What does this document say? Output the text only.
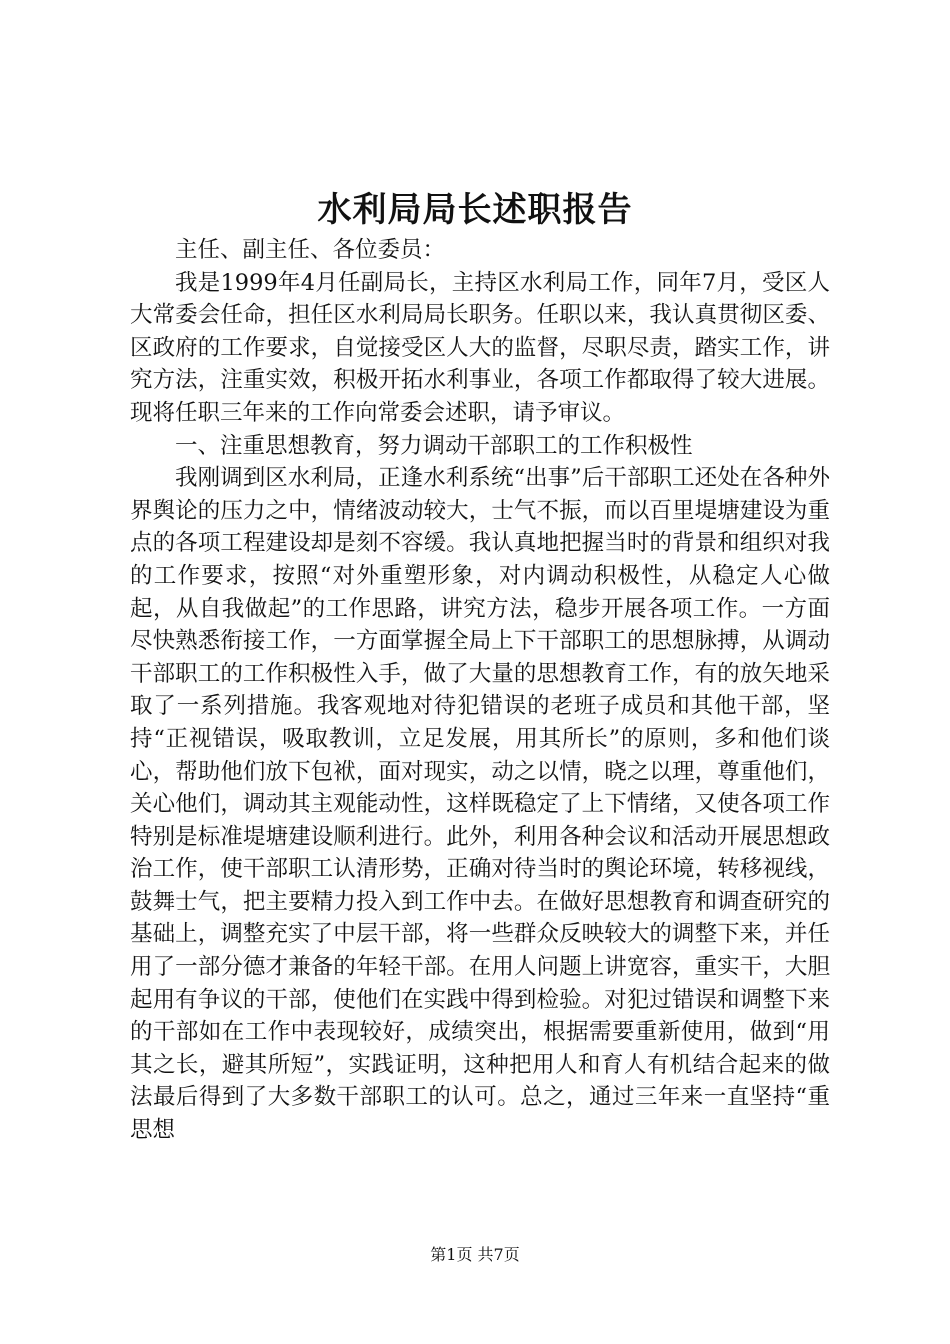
水利局局长述职报告

主任、副主任、各位委员：

我是1999年4月任副局长，主持区水利局工作，同年7月，受区人大常委会任命，担任区水利局局长职务。任职以来，我认真贯彻区委、区政府的工作要求，自觉接受区人大的监督，尽职尽责，踏实工作，讲究方法，注重实效，积极开拓水利事业，各项工作都取得了较大进展。现将任职三年来的工作向常委会述职，请予审议。

一、注重思想教育，努力调动干部职工的工作积极性

我刚调到区水利局，正逢水利系统“出事”后干部职工还处在各种外界舆论的压力之中，情绪波动较大，士气不振，而以百里堤塘建设为重点的各项工程建设却是刻不容缓。我认真地把握当时的背景和组织对我的工作要求，按照“对外重塑形象，对内调动积极性，从稳定人心做起，从自我做起”的工作思路，讲究方法，稳步开展各项工作。一方面尽快熟悉衔接工作，一方面掌握全局上下干部职工的思想脉搏，从调动干部职工的工作积极性入手，做了大量的思想教育工作，有的放矢地采取了一系列措施。我客观地对待犯错误的老班子成员和其他干部，坚持“正视错误，吸取教训，立足发展，用其所长”的原则，多和他们谈心，帮助他们放下包袱，面对现实，动之以情，晓之以理，尊重他们，关心他们，调动其主观能动性，这样既稳定了上下情绪，又使各项工作特别是标准堤塘建设顺利进行。此外，利用各种会议和活动开展思想政治工作，使干部职工认清形势，正确对待当时的舆论环境，转移视线，鼓舞士气，把主要精力投入到工作中去。在做好思想教育和调查研究的基础上，调整充实了中层干部，将一些群众反映较大的调整下来，并任用了一部分德才兼备的年轻干部。在用人问题上讲宽容，重实干，大胆起用有争议的干部，使他们在实践中得到检验。对犯过错误和调整下来的干部如在工作中表现较好，成绩突出，根据需要重新使用，做到“用其之长，避其所短”，实践证明，这种把用人和育人有机结合起来的做法最后得到了大多数干部职工的认可。总之，通过三年来一直坚持“重思想

第1页 共7页
